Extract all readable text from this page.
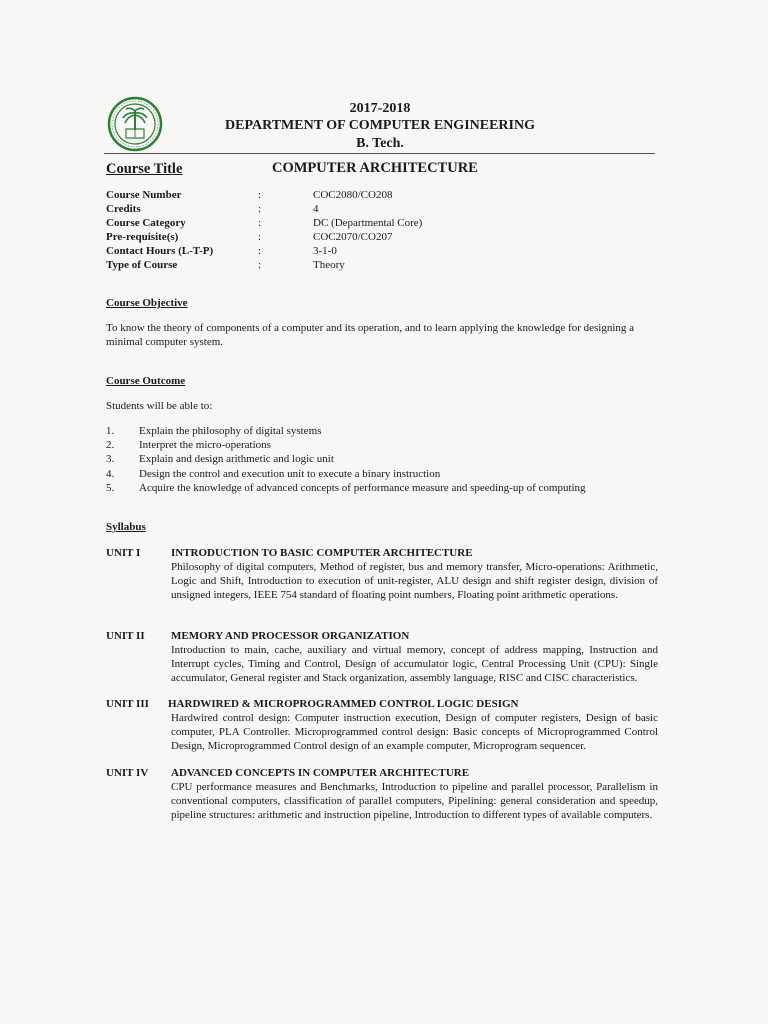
2017-2018
DEPARTMENT OF COMPUTER ENGINEERING
B. Tech.
Course Title	COMPUTER ARCHITECTURE
Course Number	:	COC2080/CO208
Credits	:	4
Course Category	:	DC (Departmental Core)
Pre-requisite(s)	:	COC2070/CO207
Contact Hours (L-T-P)	:	3-1-0
Type of Course	:	Theory
Course Objective
To know the theory of components of a computer and its operation, and to learn applying the knowledge for designing a minimal computer system.
Course Outcome
Students will be able to:
1. Explain the philosophy of digital systems
2. Interpret the micro-operations
3. Explain and design arithmetic and logic unit
4. Design the control and execution unit to execute a binary instruction
5. Acquire the knowledge of advanced concepts of performance measure and speeding-up of computing
Syllabus
UNIT I	INTRODUCTION TO BASIC COMPUTER ARCHITECTURE
Philosophy of digital computers, Method of register, bus and memory transfer, Micro-operations: Arithmetic, Logic and Shift, Introduction to execution of unit-register, ALU design and shift register design, division of unsigned integers, IEEE 754 standard of floating point numbers, Floating point arithmetic operations.
UNIT II MEMORY AND PROCESSOR ORGANIZATION
Introduction to main, cache, auxiliary and virtual memory, concept of address mapping, Instruction and Interrupt cycles, Timing and Control, Design of accumulator logic, Central Processing Unit (CPU): Single accumulator, General register and Stack organization, assembly language, RISC and CISC characteristics.
UNIT III HARDWIRED & MICROPROGRAMMED CONTROL LOGIC DESIGN
Hardwired control design: Computer instruction execution, Design of computer registers, Design of basic computer, PLA Controller. Microprogrammed control design: Basic concepts of Microprogrammed Control Design, Microprogrammed Control design of an example computer, Microprogram sequencer.
UNIT IV ADVANCED CONCEPTS IN COMPUTER ARCHITECTURE
CPU performance measures and Benchmarks, Introduction to pipeline and parallel processor, Parallelism in conventional computers, classification of parallel computers, Pipelining: general consideration and speedup, pipeline structures: arithmetic and instruction pipeline, Introduction to different types of available computers.
